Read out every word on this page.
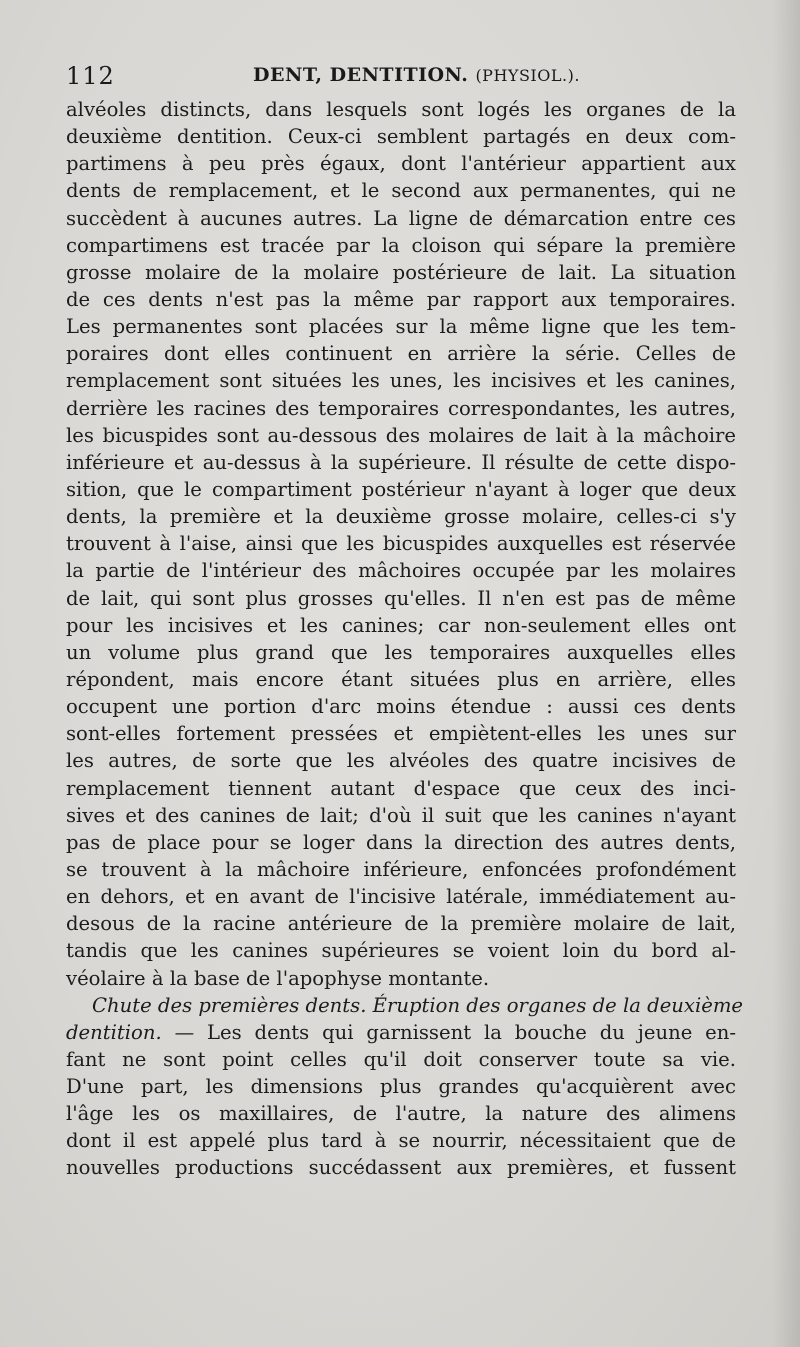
112	DENT, DENTITION. (PHYSIOL.).
alvéoles distincts, dans lesquels sont logés les organes de la
deuxième dentition. Ceux-ci semblent partagés en deux com-
partimens à peu près égaux, dont l'antérieur appartient aux
dents de remplacement, et le second aux permanentes, qui ne
succèdent à aucunes autres. La ligne de démarcation entre ces
compartimens est tracée par la cloison qui sépare la première
grosse molaire de la molaire postérieure de lait. La situation
de ces dents n'est pas la même par rapport aux temporaires.
Les permanentes sont placées sur la même ligne que les tem-
poraires dont elles continuent en arrière la série. Celles de
remplacement sont situées les unes, les incisives et les canines,
derrière les racines des temporaires correspondantes, les autres,
les bicuspides sont au-dessous des molaires de lait à la mâchoire
inférieure et au-dessus à la supérieure. Il résulte de cette dispo-
sition, que le compartiment postérieur n'ayant à loger que deux
dents, la première et la deuxième grosse molaire, celles-ci s'y
trouvent à l'aise, ainsi que les bicuspides auxquelles est réservée
la partie de l'intérieur des mâchoires occupée par les molaires
de lait, qui sont plus grosses qu'elles. Il n'en est pas de même
pour les incisives et les canines; car non-seulement elles ont
un volume plus grand que les temporaires auxquelles elles
répondent, mais encore étant situées plus en arrière, elles
occupent une portion d'arc moins étendue : aussi ces dents
sont-elles fortement pressées et empiètent-elles les unes sur
les autres, de sorte que les alvéoles des quatre incisives de
remplacement tiennent autant d'espace que ceux des inci-
sives et des canines de lait; d'où il suit que les canines n'ayant
pas de place pour se loger dans la direction des autres dents,
se trouvent à la mâchoire inférieure, enfoncées profondément
en dehors, et en avant de l'incisive latérale, immédiatement au-
desous de la racine antérieure de la première molaire de lait,
tandis que les canines supérieures se voient loin du bord al-
véolaire à la base de l'apophyse montante.
Chute des premières dents. Éruption des organes de la deuxième
dentition. — Les dents qui garnissent la bouche du jeune en-
fant ne sont point celles qu'il doit conserver toute sa vie.
D'une part, les dimensions plus grandes qu'acquièrent avec
l'âge les os maxillaires, de l'autre, la nature des alimens
dont il est appelé plus tard à se nourrir, nécessitaient que de
nouvelles productions succédassent aux premières, et fussent
